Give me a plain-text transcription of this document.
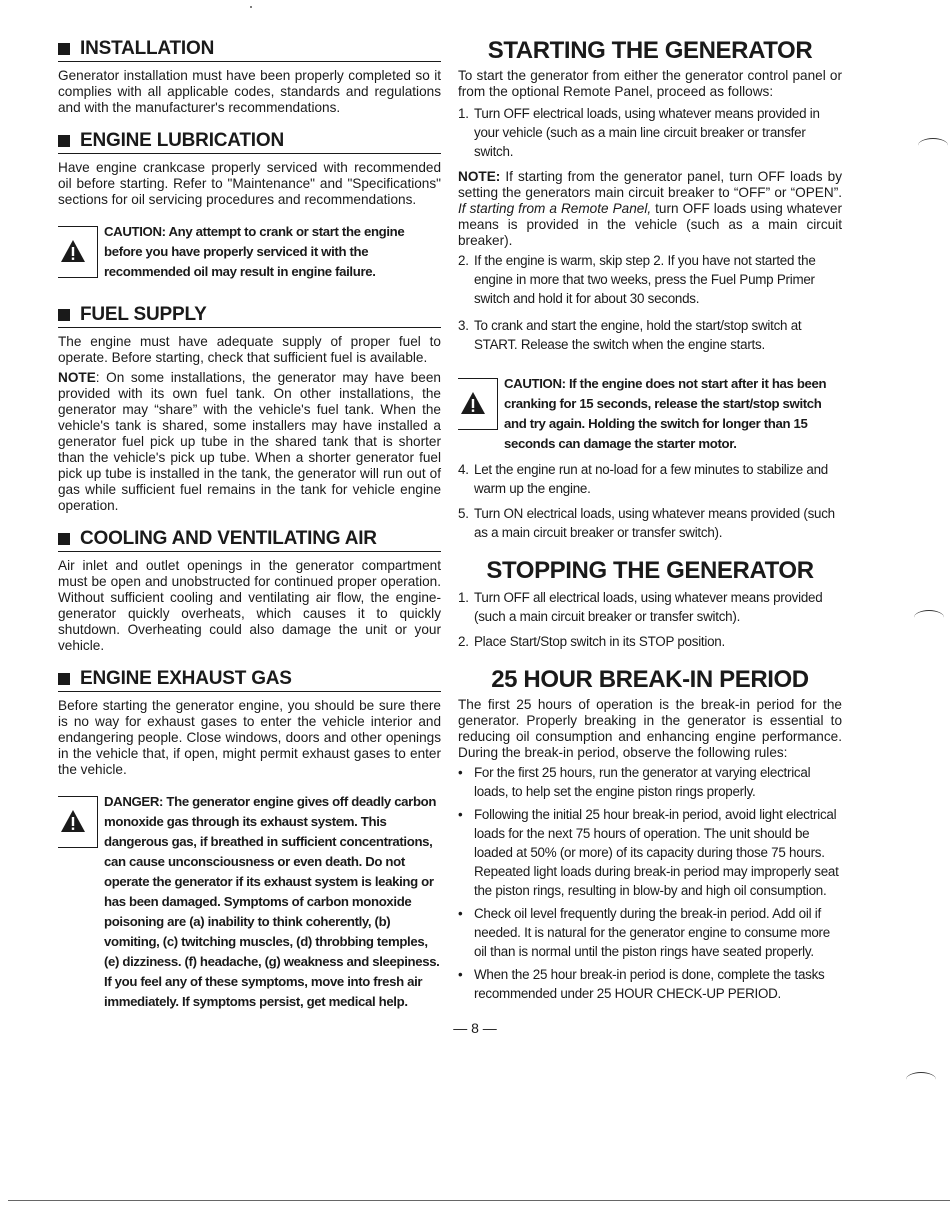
INSTALLATION

Generator installation must have been properly completed so it complies with all applicable codes, standards and regulations and with the manufacturer's recommendations.

ENGINE LUBRICATION

Have engine crankcase properly serviced with recommended oil before starting. Refer to "Maintenance" and "Specifications" sections for oil servicing procedures and recommendations.

CAUTION: Any attempt to crank or start the engine before you have properly serviced it with the recommended oil may result in engine failure.
FUEL SUPPLY

The engine must have adequate supply of proper fuel to operate. Before starting, check that sufficient fuel is available.

NOTE: On some installations, the generator may have been provided with its own fuel tank. On other installations, the generator may “share” with the vehicle's fuel tank. When the vehicle's tank is shared, some installers may have installed a generator fuel pick up tube in the shared tank that is shorter than the vehicle's pick up tube. When a shorter generator fuel pick up tube is installed in the tank, the generator will run out of gas while sufficient fuel remains in the tank for vehicle engine operation.

COOLING AND VENTILATING AIR

Air inlet and outlet openings in the generator compartment must be open and unobstructed for continued proper operation. Without sufficient cooling and ventilating air flow, the engine-generator quickly overheats, which causes it to quickly shutdown. Overheating could also damage the unit or your vehicle.

ENGINE EXHAUST GAS

Before starting the generator engine, you should be sure there is no way for exhaust gases to enter the vehicle interior and endangering people. Close windows, doors and other openings in the vehicle that, if open, might permit exhaust gases to enter the vehicle.

DANGER: The generator engine gives off deadly carbon monoxide gas through its exhaust system. This dangerous gas, if breathed in sufficient concentrations, can cause unconsciousness or even death. Do not operate the generator if its exhaust system is leaking or has been damaged. Symptoms of carbon monoxide poisoning are (a) inability to think coherently, (b) vomiting, (c) twitching muscles, (d) throbbing temples, (e) dizziness. (f) headache, (g) weakness and sleepiness. If you feel any of these symptoms, move into fresh air immediately. If symptoms persist, get medical help.
STARTING THE GENERATOR

To start the generator from either the generator control panel or from the optional Remote Panel, proceed as follows:

1. Turn OFF electrical loads, using whatever means provided in your vehicle (such as a main line circuit breaker or transfer switch.

NOTE: If starting from the generator panel, turn OFF loads by setting the generators main circuit breaker to “OFF” or “OPEN”. If starting from a Remote Panel, turn OFF loads using whatever means is provided in the vehicle (such as a main circuit breaker).

2. If the engine is warm, skip step 2. If you have not started the engine in more that two weeks, press the Fuel Pump Primer switch and hold it for about 30 seconds.
3. To crank and start the engine, hold the start/stop switch at START. Release the switch when the engine starts.
CAUTION: If the engine does not start after it has been cranking for 15 seconds, release the start/stop switch and try again. Holding the switch for longer than 15 seconds can damage the starter motor.
4. Let the engine run at no-load for a few minutes to stabilize and warm up the engine.
5. Turn ON electrical loads, using whatever means provided (such as a main circuit breaker or transfer switch).
STOPPING THE GENERATOR
1. Turn OFF all electrical loads, using whatever means provided (such a main circuit breaker or transfer switch).
2. Place Start/Stop switch in its STOP position.
25 HOUR BREAK-IN PERIOD

The first 25 hours of operation is the break-in period for the generator. Properly breaking in the generator is essential to reducing oil consumption and enhancing engine performance. During the break-in period, observe the following rules:

• For the first 25 hours, run the generator at varying electrical loads, to help set the engine piston rings properly.
• Following the initial 25 hour break-in period, avoid light electrical loads for the next 75 hours of operation. The unit should be loaded at 50% (or more) of its capacity during those 75 hours. Repeated light loads during break-in period may improperly seat the piston rings, resulting in blow-by and high oil consumption.
• Check oil level frequently during the break-in period. Add oil if needed. It is natural for the generator engine to consume more oil than is normal until the piston rings have seated properly.
• When the 25 hour break-in period is done, complete the tasks recommended under 25 HOUR CHECK-UP PERIOD.
— 8 —
